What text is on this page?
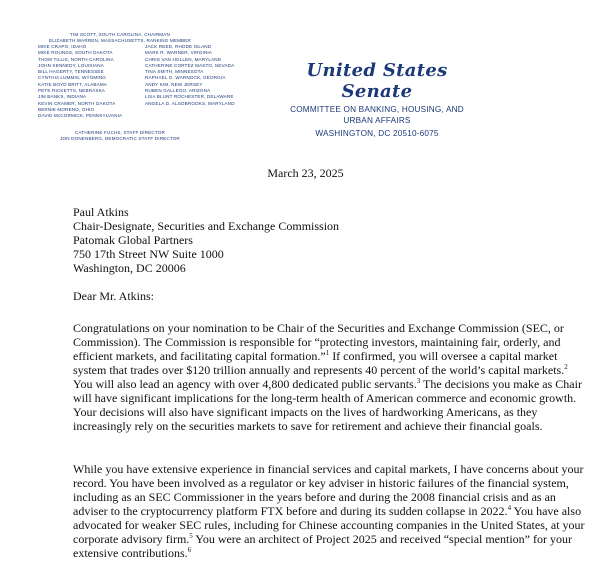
TIM SCOTT, SOUTH CAROLINA, CHAIRMAN
ELIZABETH WARREN, MASSACHUSETTS, RANKING MEMBER
MIKE CRAPO, IDAHO
MIKE ROUNDS, SOUTH DAKOTA
THOM TILLIS, NORTH CAROLINA
JOHN KENNEDY, LOUISIANA
BILL HAGERTY, TENNESSEE
CYNTHIA LUMMIS, WYOMING
KATIE BOYD BRITT, ALABAMA
PETE RICKETTS, NEBRASKA
JIM BANKS, INDIANA
KEVIN CRAMER, NORTH DAKOTA
BERNIE MORENO, OHIO
DAVID McCORMICK, PENNSYLVANIA
JACK REED, RHODE ISLAND
MARK R. WARNER, VIRGINIA
CHRIS VAN HOLLEN, MARYLAND
CATHERINE CORTEZ MASTO, NEVADA
TINA SMITH, MINNESOTA
RAPHAEL G. WARNOCK, GEORGIA
ANDY KIM, NEW JERSEY
RUBEN GALLEGO, ARIZONA
LISA BLUNT ROCHESTER, DELAWARE
ANGELA D. ALSOBROOKS, MARYLAND
CATHERINE FUCHS, STAFF DIRECTOR
JON DONENBERG, DEMOCRATIC STAFF DIRECTOR
United States Senate
COMMITTEE ON BANKING, HOUSING, AND
URBAN AFFAIRS
WASHINGTON, DC 20510-6075
March 23, 2025
Paul Atkins
Chair-Designate, Securities and Exchange Commission
Patomak Global Partners
750 17th Street NW Suite 1000
Washington, DC 20006
Dear Mr. Atkins:

Congratulations on your nomination to be Chair of the Securities and Exchange Commission (SEC, or Commission). The Commission is responsible for “protecting investors, maintaining fair, orderly, and efficient markets, and facilitating capital formation.”$^1$ If confirmed, you will oversee a capital market system that trades over $120 trillion annually and represents 40 percent of the world’s capital markets.$^2$ You will also lead an agency with over 4,800 dedicated public servants.$^3$ The decisions you make as Chair will have significant implications for the long-term health of American commerce and economic growth. Your decisions will also have significant impacts on the lives of hardworking Americans, as they increasingly rely on the securities markets to save for retirement and achieve their financial goals.

While you have extensive experience in financial services and capital markets, I have concerns about your record. You have been involved as a regulator or key adviser in historic failures of the financial system, including as an SEC Commissioner in the years before and during the 2008 financial crisis and as an adviser to the cryptocurrency platform FTX before and during its sudden collapse in 2022.$^4$ You have also advocated for weaker SEC rules, including for Chinese accounting companies in the United States, at your corporate advisory firm.$^5$ You were an architect of Project 2025 and received “special mention” for your extensive contributions.$^6$
